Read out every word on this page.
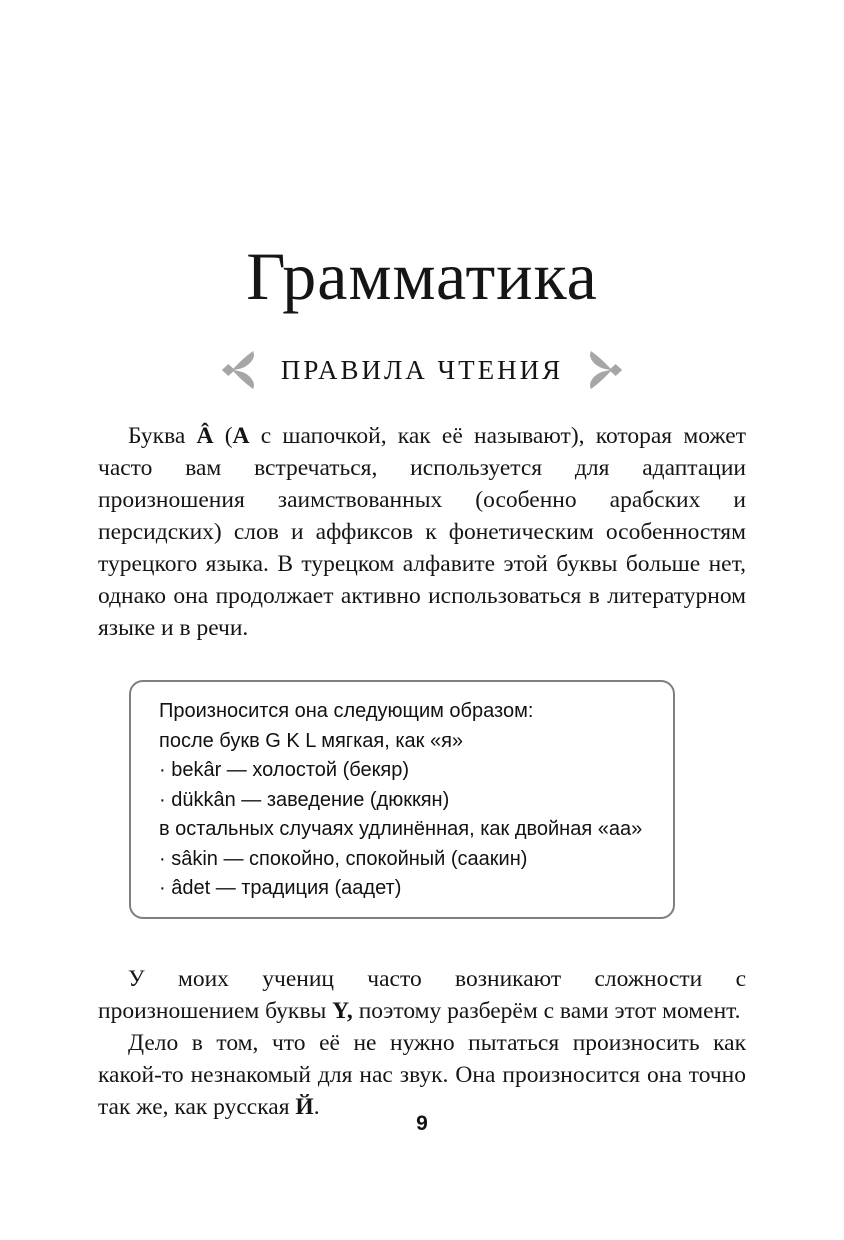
Грамматика
ПРАВИЛА ЧТЕНИЯ

Буква Â (А с шапочкой, как её называют), которая может часто вам встречаться, используется для адаптации произношения заимствованных (особенно арабских и персидских) слов и аффиксов к фонетическим особенностям турецкого языка. В турецком алфавите этой буквы больше нет, однако она продолжает активно использоваться в литературном языке и в речи.

Произносится она следующим образом:
после букв G K L мягкая, как «я»
· bekâr — холостой (бекяр)
· dükkân — заведение (дюккян)
в остальных случаях удлинённая, как двойная «аа»
· sâkin — спокойно, спокойный (саакин)
· âdet — традиция (аадет)

У моих учениц часто возникают сложности с произношением буквы Y, поэтому разберём с вами этот момент.

Дело в том, что её не нужно пытаться произносить как какой-то незнакомый для нас звук. Она произносится она точно так же, как русская Й.

9
